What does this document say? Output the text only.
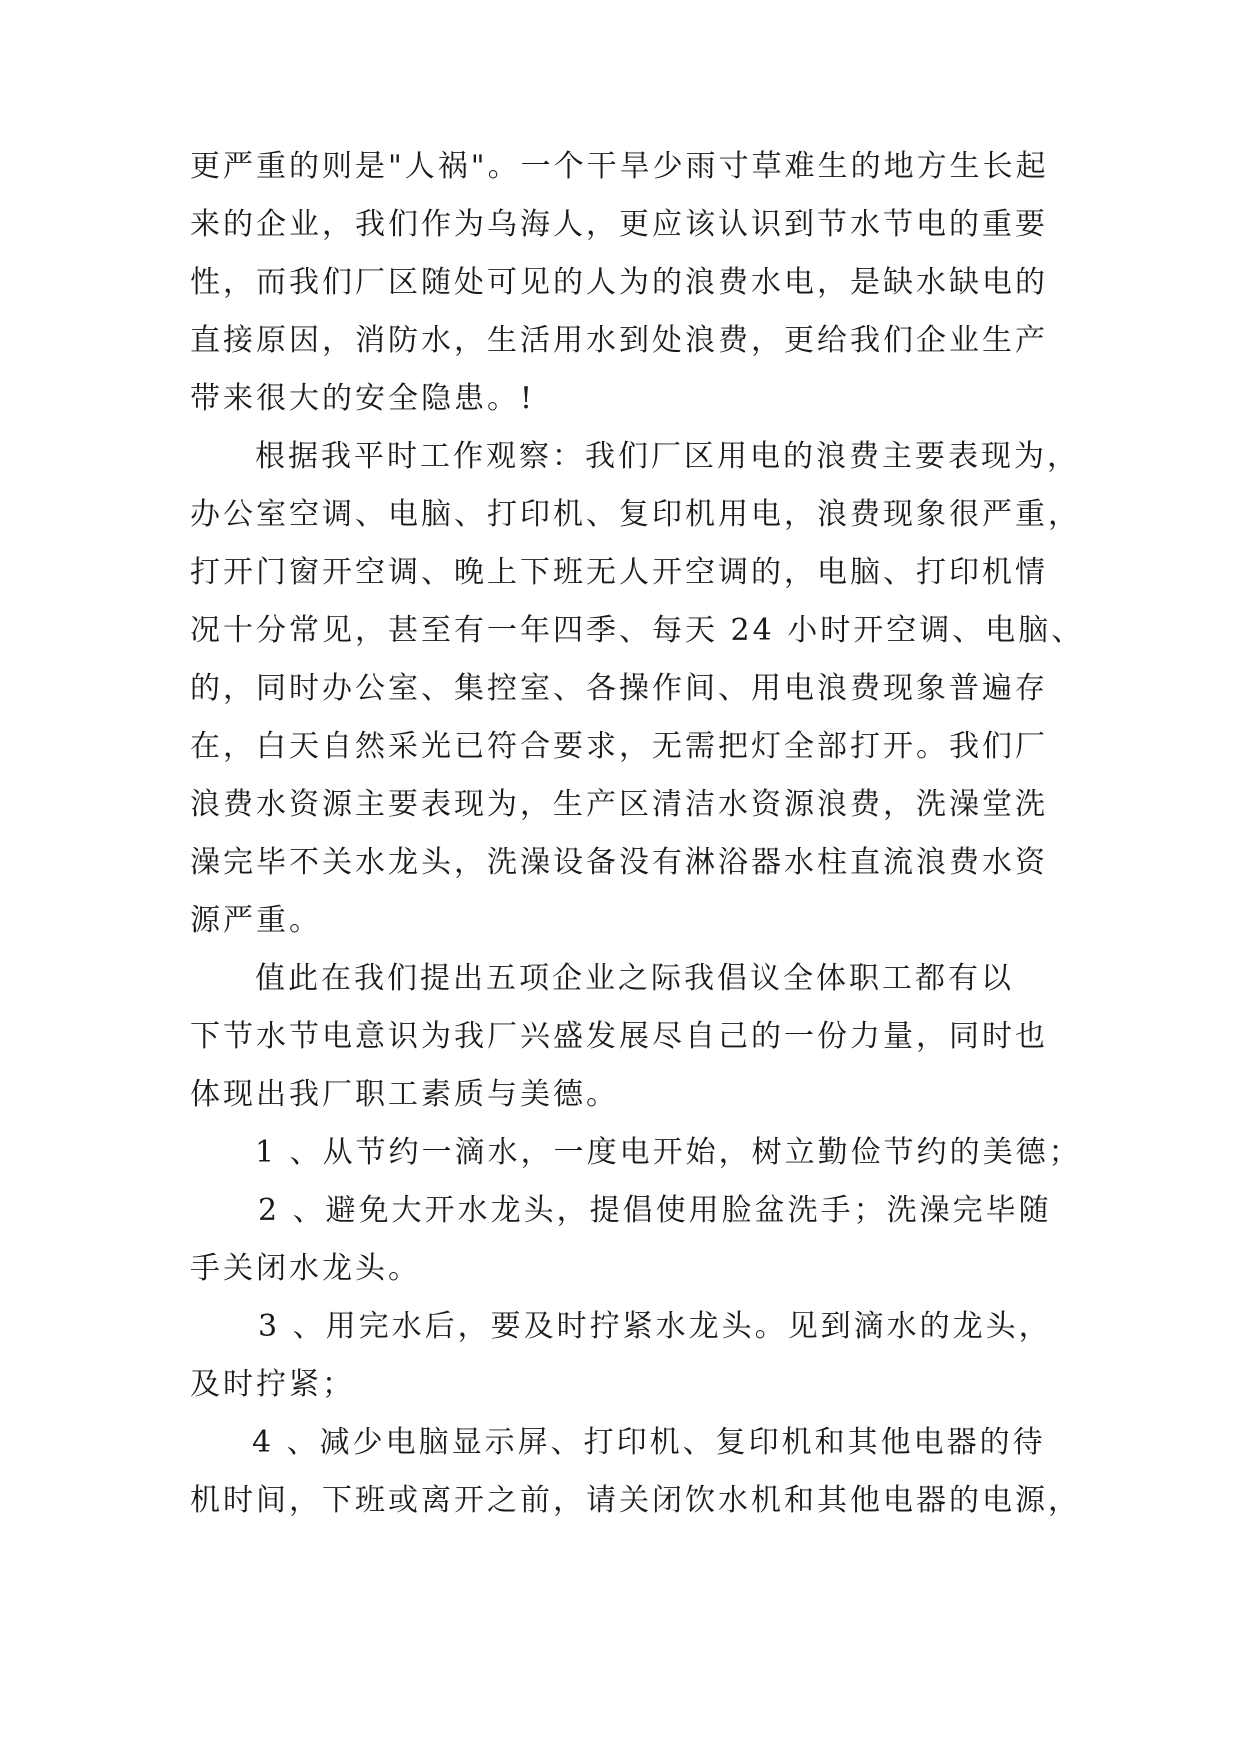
更严重的则是"人祸"。一个干旱少雨寸草难生的地方生长起
来的企业，我们作为乌海人，更应该认识到节水节电的重要
性，而我们厂区随处可见的人为的浪费水电，是缺水缺电的
直接原因，消防水，生活用水到处浪费，更给我们企业生产
带来很大的安全隐患。!
根据我平时工作观察：我们厂区用电的浪费主要表现为，
办公室空调、电脑、打印机、复印机用电，浪费现象很严重，
打开门窗开空调、晚上下班无人开空调的，电脑、打印机情
况十分常见，甚至有一年四季、每天 24 小时开空调、电脑、
的，同时办公室、集控室、各操作间、用电浪费现象普遍存
在，白天自然采光已符合要求，无需把灯全部打开。我们厂
浪费水资源主要表现为，生产区清洁水资源浪费，洗澡堂洗
澡完毕不关水龙头，洗澡设备没有淋浴器水柱直流浪费水资
源严重。
值此在我们提出五项企业之际我倡议全体职工都有以
下节水节电意识为我厂兴盛发展尽自己的一份力量，同时也
体现出我厂职工素质与美德。
1 、从节约一滴水，一度电开始，树立勤俭节约的美德；
2 、避免大开水龙头，提倡使用脸盆洗手；洗澡完毕随
手关闭水龙头。
3 、用完水后，要及时拧紧水龙头。见到滴水的龙头，
及时拧紧；
4 、减少电脑显示屏、打印机、复印机和其他电器的待
机时间，下班或离开之前，请关闭饮水机和其他电器的电源，
